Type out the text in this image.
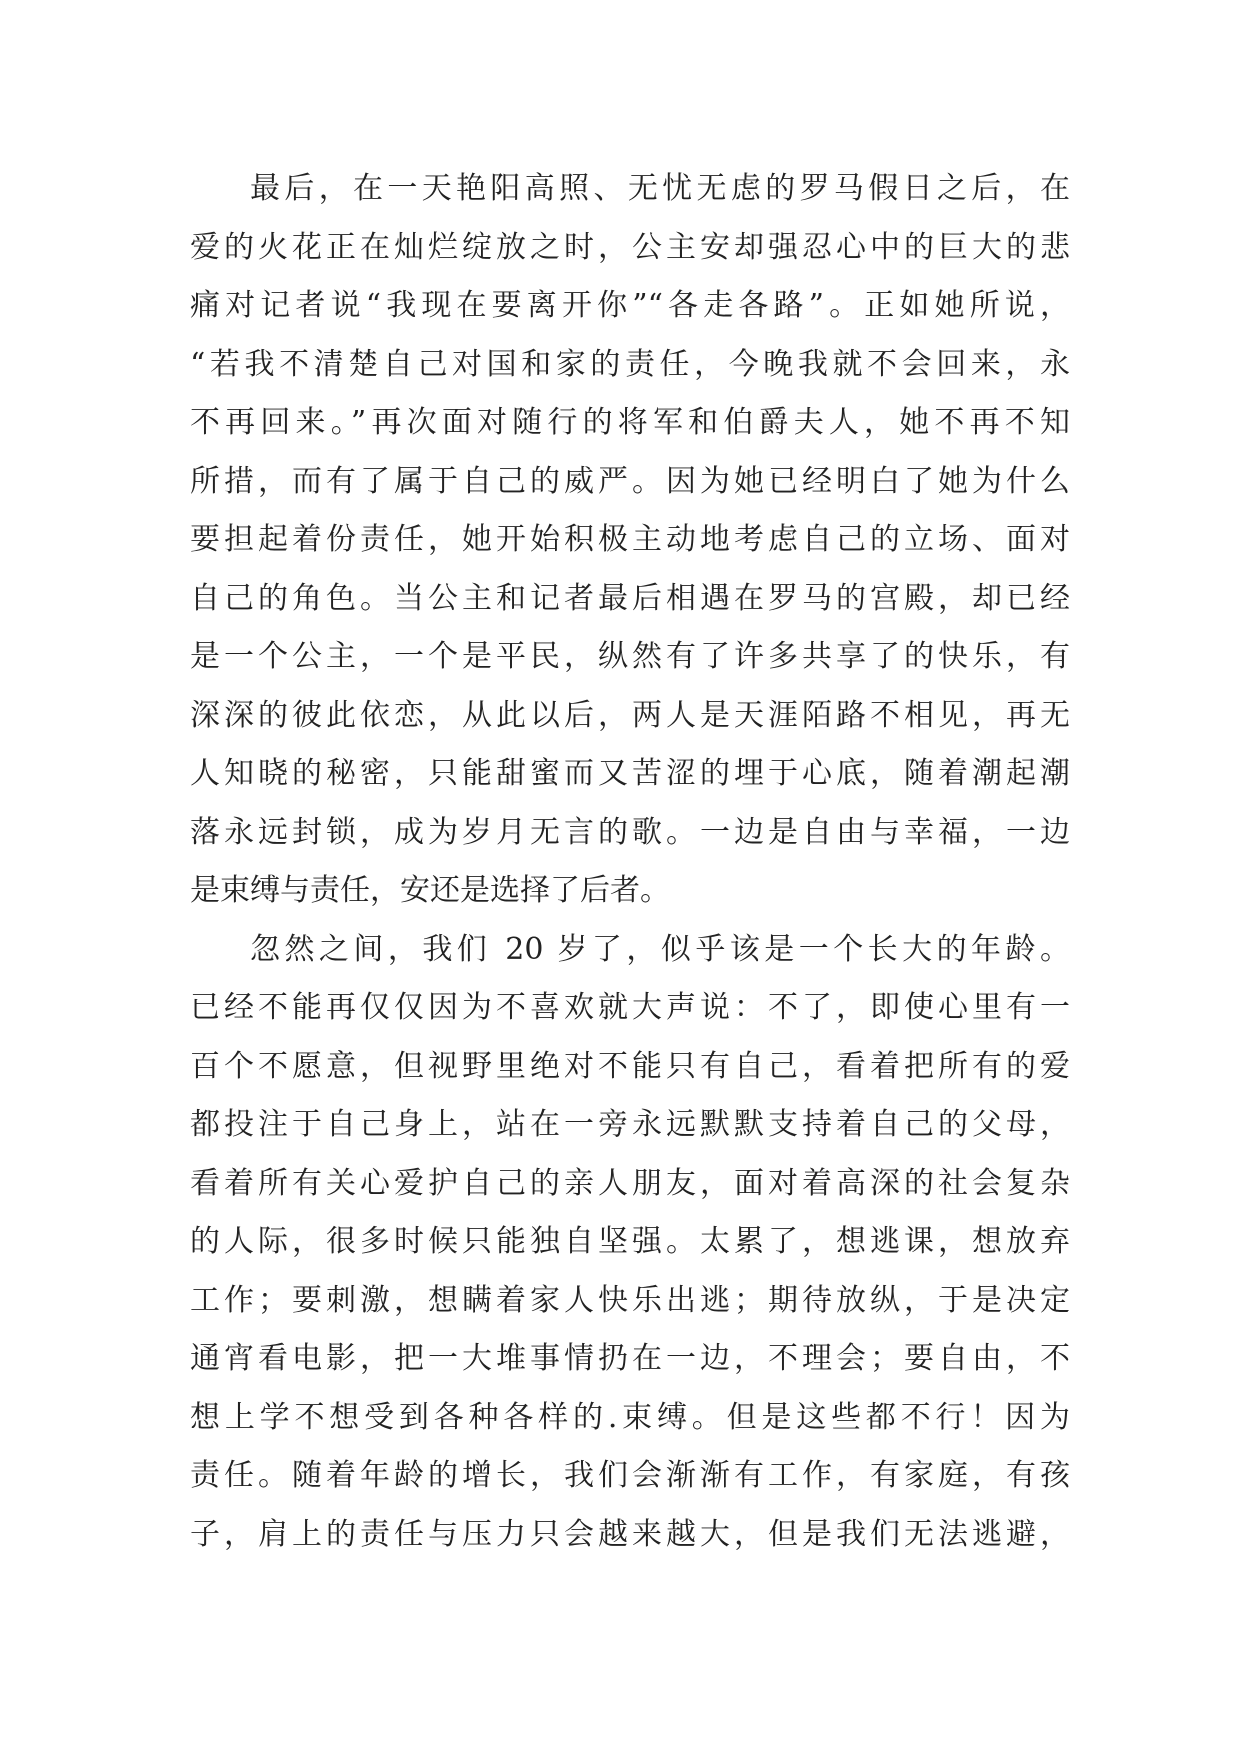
最后，在一天艳阳高照、无忧无虑的罗马假日之后，在
爱的火花正在灿烂绽放之时，公主安却强忍心中的巨大的悲
痛对记者说“我现在要离开你”“各走各路”。正如她所说，
“若我不清楚自己对国和家的责任，今晚我就不会回来，永
不再回来。”再次面对随行的将军和伯爵夫人，她不再不知
所措，而有了属于自己的威严。因为她已经明白了她为什么
要担起着份责任，她开始积极主动地考虑自己的立场、面对
自己的角色。当公主和记者最后相遇在罗马的宫殿，却已经
是一个公主，一个是平民，纵然有了许多共享了的快乐，有
深深的彼此依恋，从此以后，两人是天涯陌路不相见，再无
人知晓的秘密，只能甜蜜而又苦涩的埋于心底，随着潮起潮
落永远封锁，成为岁月无言的歌。一边是自由与幸福，一边
是束缚与责任，安还是选择了后者。
忽然之间，我们 20 岁了，似乎该是一个长大的年龄。
已经不能再仅仅因为不喜欢就大声说：不了，即使心里有一
百个不愿意，但视野里绝对不能只有自己，看着把所有的爱
都投注于自己身上，站在一旁永远默默支持着自己的父母，
看着所有关心爱护自己的亲人朋友，面对着高深的社会复杂
的人际，很多时候只能独自坚强。太累了，想逃课，想放弃
工作；要刺激，想瞒着家人快乐出逃；期待放纵，于是决定
通宵看电影，把一大堆事情扔在一边，不理会；要自由，不
想上学不想受到各种各样的.束缚。但是这些都不行！因为
责任。随着年龄的增长，我们会渐渐有工作，有家庭，有孩
子，肩上的责任与压力只会越来越大，但是我们无法逃避，
